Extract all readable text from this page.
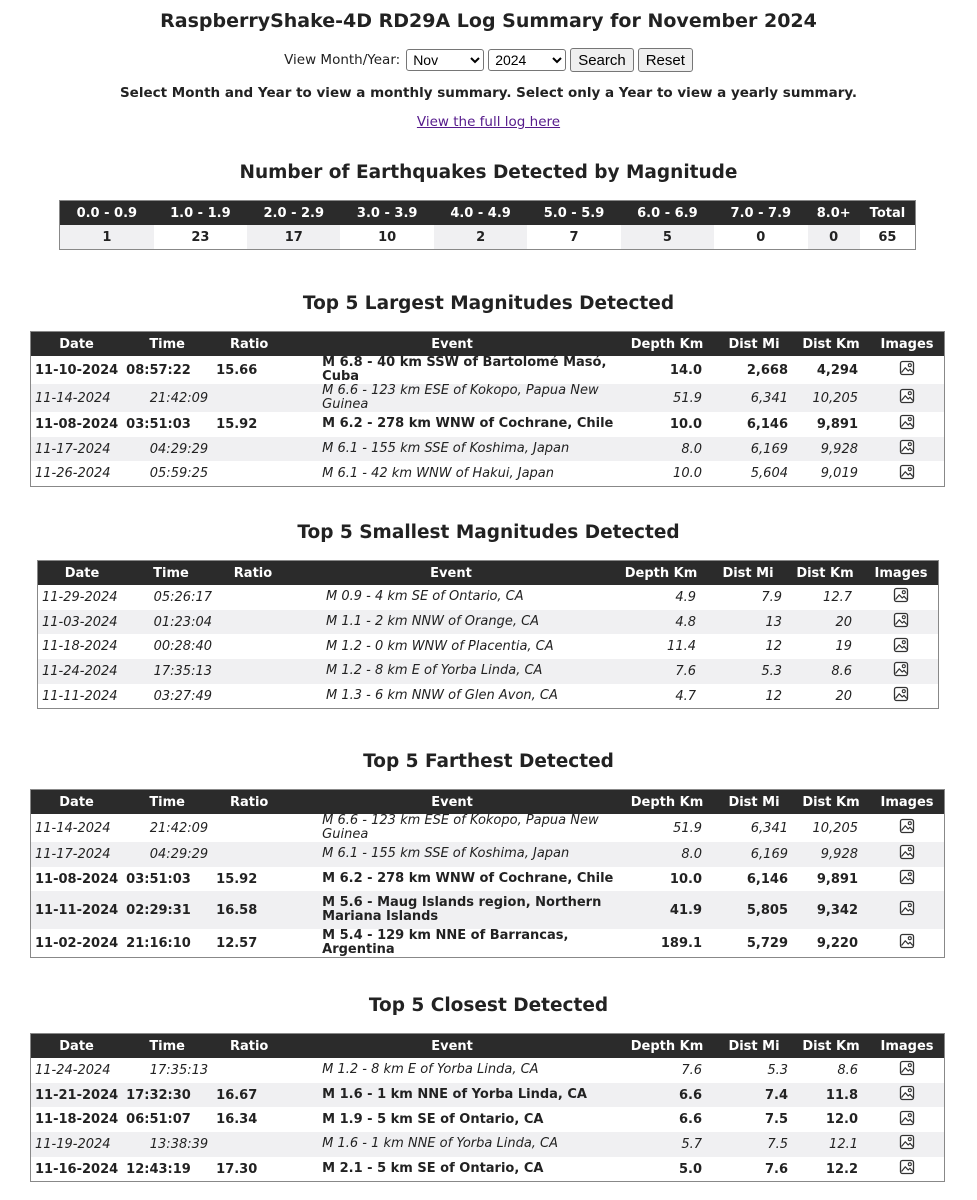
RaspberryShake-4D RD29A Log Summary for November 2024
View Month/Year:
Nov
2024	Search	Reset

Select Month and Year to view a monthly summary. Select only a Year to view a yearly summary.

View the full log here
Number of Earthquakes Detected by Magnitude
0.0 - 0.9	1.0 - 1.9	2.0 - 2.9	3.0 - 3.9	4.0 - 4.9	5.0 - 5.9	6.0 - 6.9	7.0 - 7.9	8.0+	Total
1	23	17	10	2	7	5	0	0	65
Top 5 Largest Magnitudes Detected
Date	Time	Ratio	Event	Depth Km	Dist Mi	Dist Km	Images
11-10-2024	08:57:22	15.66	M 6.8 - 40 km SSW of Bartolomé Masó, Cuba	14.0	2,668	4,294	
11-14-2024	21:42:09		M 6.6 - 123 km ESE of Kokopo, Papua New Guinea	51.9	6,341	10,205	
11-08-2024	03:51:03	15.92	M 6.2 - 278 km WNW of Cochrane, Chile	10.0	6,146	9,891	
11-17-2024	04:29:29		M 6.1 - 155 km SSE of Koshima, Japan	8.0	6,169	9,928	
11-26-2024	05:59:25		M 6.1 - 42 km WNW of Hakui, Japan	10.0	5,604	9,019	
Top 5 Smallest Magnitudes Detected
Date	Time	Ratio	Event	Depth Km	Dist Mi	Dist Km	Images
11-29-2024	05:26:17		M 0.9 - 4 km SE of Ontario, CA	4.9	7.9	12.7	
11-03-2024	01:23:04		M 1.1 - 2 km NNW of Orange, CA	4.8	13	20	
11-18-2024	00:28:40		M 1.2 - 0 km WNW of Placentia, CA	11.4	12	19	
11-24-2024	17:35:13		M 1.2 - 8 km E of Yorba Linda, CA	7.6	5.3	8.6	
11-11-2024	03:27:49		M 1.3 - 6 km NNW of Glen Avon, CA	4.7	12	20	
Top 5 Farthest Detected
Date	Time	Ratio	Event	Depth Km	Dist Mi	Dist Km	Images
11-14-2024	21:42:09		M 6.6 - 123 km ESE of Kokopo, Papua New Guinea	51.9	6,341	10,205	
11-17-2024	04:29:29		M 6.1 - 155 km SSE of Koshima, Japan	8.0	6,169	9,928	
11-08-2024	03:51:03	15.92	M 6.2 - 278 km WNW of Cochrane, Chile	10.0	6,146	9,891	
11-11-2024	02:29:31	16.58	M 5.6 - Maug Islands region, Northern Mariana Islands	41.9	5,805	9,342	
11-02-2024	21:16:10	12.57	M 5.4 - 129 km NNE of Barrancas, Argentina	189.1	5,729	9,220	
Top 5 Closest Detected
Date	Time	Ratio	Event	Depth Km	Dist Mi	Dist Km	Images
11-24-2024	17:35:13		M 1.2 - 8 km E of Yorba Linda, CA	7.6	5.3	8.6	
11-21-2024	17:32:30	16.67	M 1.6 - 1 km NNE of Yorba Linda, CA	6.6	7.4	11.8	
11-18-2024	06:51:07	16.34	M 1.9 - 5 km SE of Ontario, CA	6.6	7.5	12.0	
11-19-2024	13:38:39		M 1.6 - 1 km NNE of Yorba Linda, CA	5.7	7.5	12.1	
11-16-2024	12:43:19	17.30	M 2.1 - 5 km SE of Ontario, CA	5.0	7.6	12.2	
